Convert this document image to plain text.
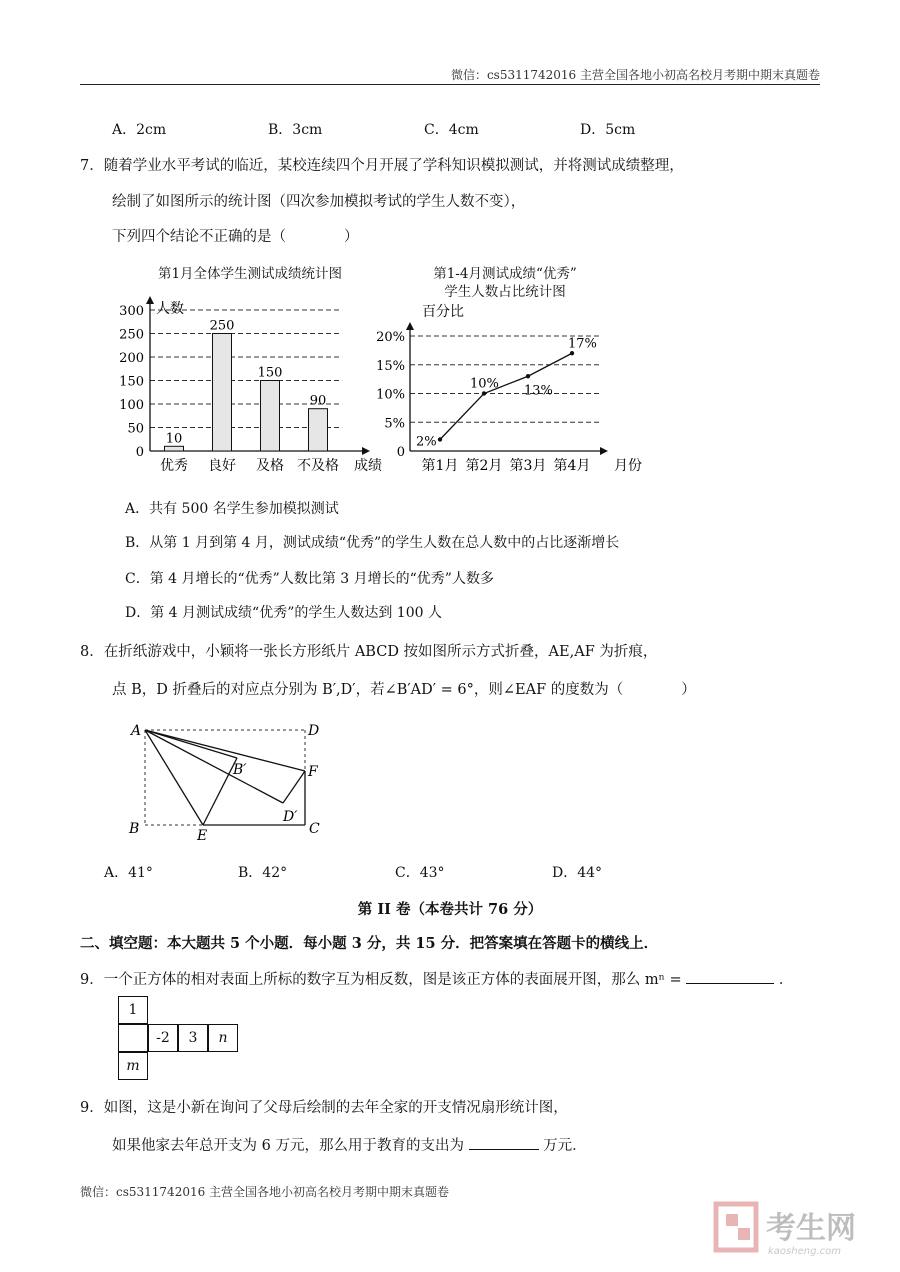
微信：cs5311742016 主营全国各地小初高名校月考期中期末真题卷
A．2cm	B．3cm	C．4cm	D．5cm
7．随着学业水平考试的临近，某校连续四个月开展了学科知识模拟测试，并将测试成绩整理，
绘制了如图所示的统计图（四次参加模拟考试的学生人数不变），
下列四个结论不正确的是（　　　　）
第1月全体学生测试成绩统计图
0
50
100
150
200
250
300 人数
成绩
10
优秀
250
良好
150
及格
90
不及格
第1-4月测试成绩“优秀”
学生人数占比统计图
0
5%
10%
15%
20%
百分比
月份
2%
第1月
10%
第2月
13%
第3月
17%
第4月
A．共有 500 名学生参加模拟测试
B．从第 1 月到第 4 月，测试成绩“优秀”的学生人数在总人数中的占比逐渐增长
C．第 4 月增长的“优秀”人数比第 3 月增长的“优秀”人数多
D．第 4 月测试成绩“优秀”的学生人数达到 100 人
8．在折纸游戏中，小颖将一张长方形纸片 ABCD 按如图所示方式折叠，AE,AF 为折痕，
点 B，D 折叠后的对应点分别为 B′,D′，若∠B′AD′ = 6°，则∠EAF 的度数为（　　　　）
A	D
B	C
E
F
B′
D′
A．41°	B．42°	C．43°	D．44°
第 II 卷（本卷共计 76 分）
二、填空题：本大题共 5 个小题．每小题 3 分，共 15 分．把答案填在答题卡的横线上．
9．一个正方体的相对表面上所标的数字互为相反数，图是该正方体的表面展开图，那么 mⁿ =	．
1
-2	3	n
m
9．如图，这是小新在询问了父母后绘制的去年全家的开支情况扇形统计图，
如果他家去年总开支为 6 万元，那么用于教育的支出为	万元．
微信：cs5311742016 主营全国各地小初高名校月考期中期末真题卷
考生网
kaosheng.com
